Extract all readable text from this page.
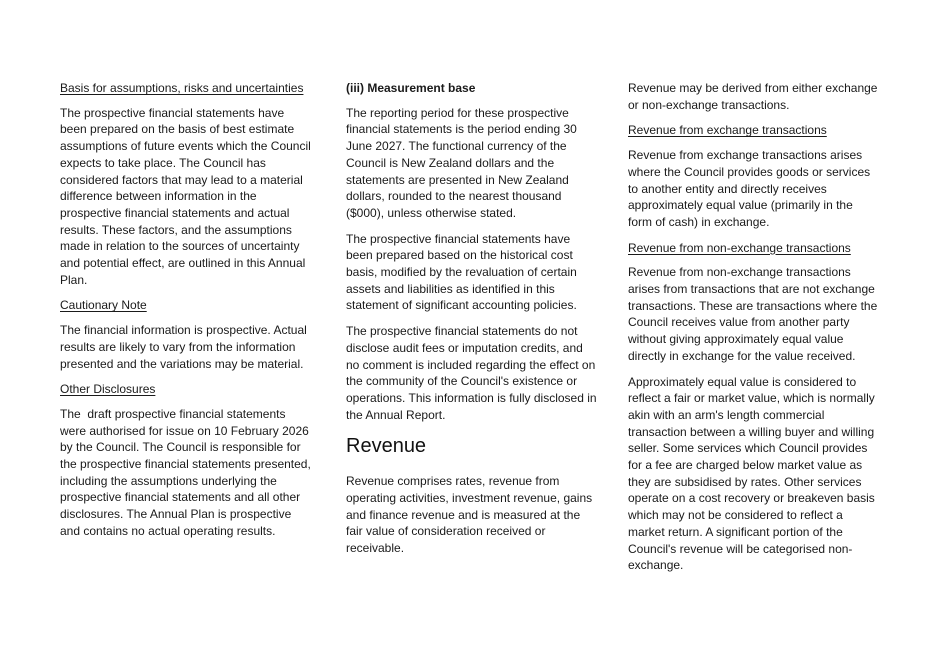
Basis for assumptions, risks and uncertainties

The prospective financial statements have been prepared on the basis of best estimate assumptions of future events which the Council expects to take place. The Council has considered factors that may lead to a material difference between information in the prospective financial statements and actual results. These factors, and the assumptions made in relation to the sources of uncertainty and potential effect, are outlined in this Annual Plan.

Cautionary Note

The financial information is prospective. Actual results are likely to vary from the information presented and the variations may be material.

Other Disclosures

The  draft prospective financial statements were authorised for issue on 10 February 2026 by the Council. The Council is responsible for the prospective financial statements presented, including the assumptions underlying the prospective financial statements and all other disclosures. The Annual Plan is prospective and contains no actual operating results.

(iii) Measurement base

The reporting period for these prospective financial statements is the period ending 30 June 2027. The functional currency of the Council is New Zealand dollars and the statements are presented in New Zealand dollars, rounded to the nearest thousand ($000), unless otherwise stated.

The prospective financial statements have been prepared based on the historical cost basis, modified by the revaluation of certain assets and liabilities as identified in this statement of significant accounting policies.

The prospective financial statements do not disclose audit fees or imputation credits, and no comment is included regarding the effect on the community of the Council's existence or operations. This information is fully disclosed in the Annual Report.

Revenue

Revenue comprises rates, revenue from operating activities, investment revenue, gains and finance revenue and is measured at the fair value of consideration received or receivable.

Revenue may be derived from either exchange or non-exchange transactions.

Revenue from exchange transactions

Revenue from exchange transactions arises where the Council provides goods or services to another entity and directly receives approximately equal value (primarily in the form of cash) in exchange.

Revenue from non-exchange transactions

Revenue from non-exchange transactions arises from transactions that are not exchange transactions. These are transactions where the Council receives value from another party without giving approximately equal value directly in exchange for the value received.

Approximately equal value is considered to reflect a fair or market value, which is normally akin with an arm's length commercial transaction between a willing buyer and willing seller. Some services which Council provides for a fee are charged below market value as they are subsidised by rates. Other services operate on a cost recovery or breakeven basis which may not be considered to reflect a market return. A significant portion of the Council's revenue will be categorised non-exchange.
